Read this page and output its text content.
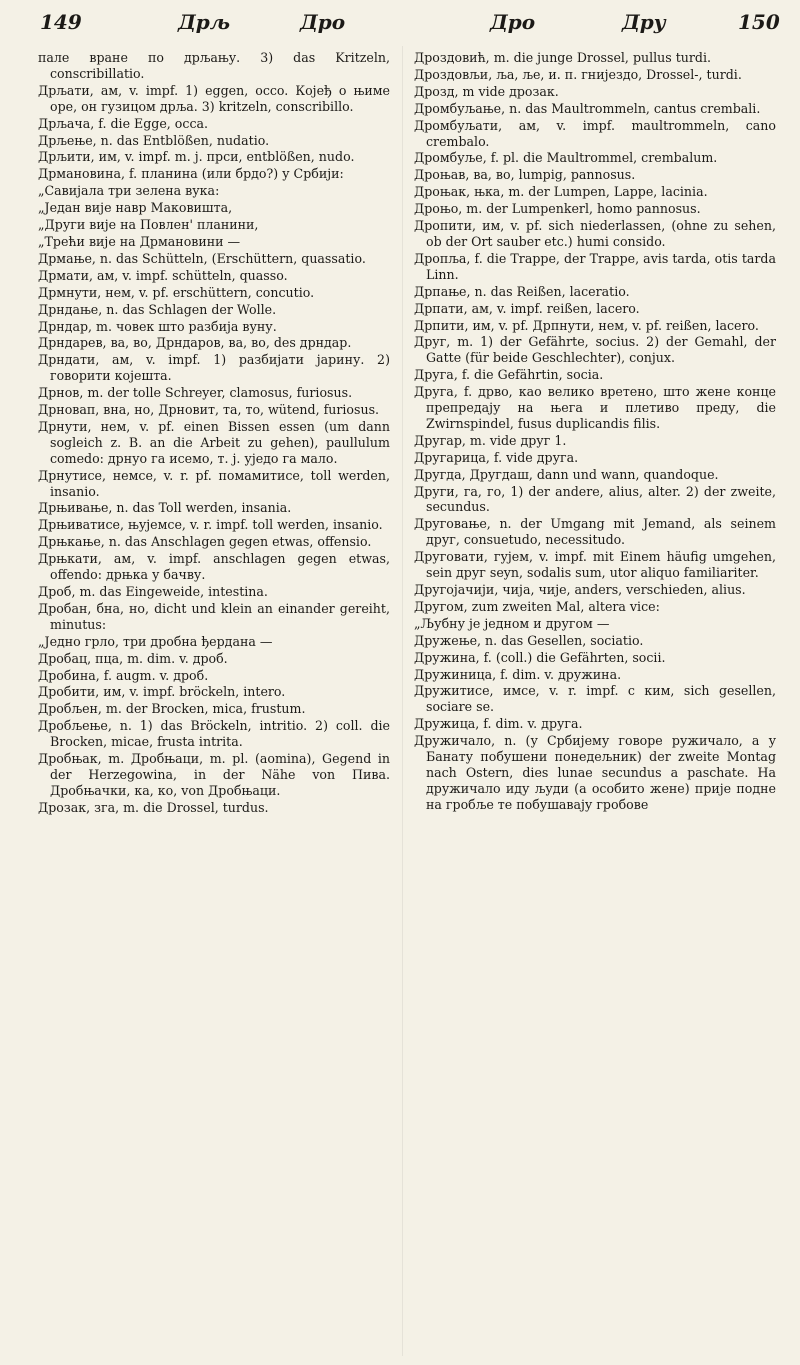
149	Дрљ	Дро	Дро	Дру	150
пале вране по дрљању. 3) das Kritzeln, conscribillatio.
Дрљати, ам, v. impf. 1) eggen, occo. Којеђ о њиме оре, он гузицом дрља. 3) kritzeln, conscribillo.
Дрљача, f. die Egge, occa.
Дрљење, n. das Entblößen, nudatio.
Дрљити, им, v. impf. m. j. прси, entblößen, nudo.
Дрмановина, f. планина (или брдо?) у Србији:
„Савијала три зелена вука:
„Један вије навр Маковишта,
„Други вије на Повлен' планини,
„Трећи вије на Дрмановини —
Дрмање, n. das Schütteln, (Erschüttern, quassatio.
Дрмати, ам, v. impf. schütteln, quasso.
Дрмнути, нем, v. pf. erschüttern, concutio.
Дрндање, n. das Schlagen der Wolle.
Дрндар, m. човек што разбија вуну.
Дрндарев, ва, во, Дрндаров, ва, во, des дрндар.
Дрндати, ам, v. impf. 1) разбијати јарину. 2) говорити којешта.
Дрнов, m. der tolle Schreyer, clamosus, furiosus.
Дрновап, вна, но, Дрновит, та, то, wütend, furiosus.
Дрнути, нем, v. pf. einen Bissen essen (um dann sogleich z. B. an die Arbeit zu gehen), paullulum comedo: дрнуо га исемо, т. ј. уједо га мало.
Дрнутисе, немсе, v. r. pf. помамитисе, toll werden, insanio.
Дрњивање, n. das Toll werden, insania.
Дрњиватисе, њујемсе, v. r. impf. toll werden, insanio.
Дрњкање, n. das Anschlagen gegen etwas, offensio.
Дрњкати, ам, v. impf. anschlagen gegen etwas, offendo: дрњка у бачву.
Дроб, m. das Eingeweide, intestina.
Дробан, бна, но, dicht und klein an einander gereiht, minutus:
„Једно грло, три дробна ђердана —
Дробац, пца, m. dim. v. дроб.
Дробина, f. augm. v. дроб.
Дробити, им, v. impf. bröckeln, intero.
Дробљен, m. der Brocken, mica, frustum.
Дробљење, n. 1) das Bröckeln, intritio. 2) coll. die Brocken, micae, frusta intrita.
Дробњак, m. Дробњаци, m. pl. (aomina), Gegend in der Herzegowina, in der Nähe von Пива. Дробњачки, ка, ко, von Дробњаци.
Дрозак, зга, m. die Drossel, turdus.
Дроздовић, m. die junge Drossel, pullus turdi.
Дроздовљи, ља, ље, и. п. гнијездо, Drossel-, turdi.
Дрозд, m vide дрозак.
Дромбуљање, n. das Maultrommeln, cantus crembali.
Дромбуљати, ам, v. impf. maultrommeln, cano crembalo.
Дромбуље, f. pl. die Maultrommel, crembalum.
Дроњав, ва, во, lumpig, pannosus.
Дроњак, њка, m. der Lumpen, Lappe, lacinia.
Дроњо, m. der Lumpenkerl, homo pannosus.
Дропити, им, v. pf. sich niederlassen, (ohne zu sehen, ob der Ort sauber etc.) humi consido.
Дропља, f. die Trappe, der Trappe, avis tarda, otis tarda Linn.
Дрпање, n. das Reißen, laceratio.
Дрпати, ам, v. impf. reißen, lacero.
Дрпити, им, v. pf. Дрпнути, нем, v. pf. reißen, lacero.
Друг, m. 1) der Gefährte, socius. 2) der Gemahl, der Gatte (für beide Geschlechter), conjux.
Друга, f. die Gefährtin, socia.
Друга, f. дрво, као велико вретено, што жене конце препредају на њега и плетиво преду, die Zwirnspindel, fusus duplicandis filis.
Другар, m. vide друг 1.
Другарица, f. vide друга.
Другда, Другдаш, dann und wann, quandoque.
Други, га, го, 1) der andere, alius, alter. 2) der zweite, secundus.
Друговање, n. der Umgang mit Jemand, als seinem друг, consuetudo, necessitudo.
Друговати, гујем, v. impf. mit Einem häufig umgehen, sein друг seyn, sodalis sum, utor aliquo familiariter.
Другојачији, чија, чије, anders, verschieden, alius.
Другом, zum zweiten Mal, altera vice:
„Љубну је једном и другом —
Дружење, n. das Gesellen, sociatio.
Дружина, f. (coll.) die Gefährten, socii.
Дружиница, f. dim. v. дружина.
Дружитисе, имсе, v. r. impf. с ким, sich gesellen, sociare se.
Дружица, f. dim. v. друга.
Дружичало, n. (у Србијему говоре ружичало, а у Банату побушени понедељник) der zweite Montag nach Ostern, dies lunae secundus a paschate. На дружичало иду људи (а особито жене) прије подне на гробље те побушавају гробове
